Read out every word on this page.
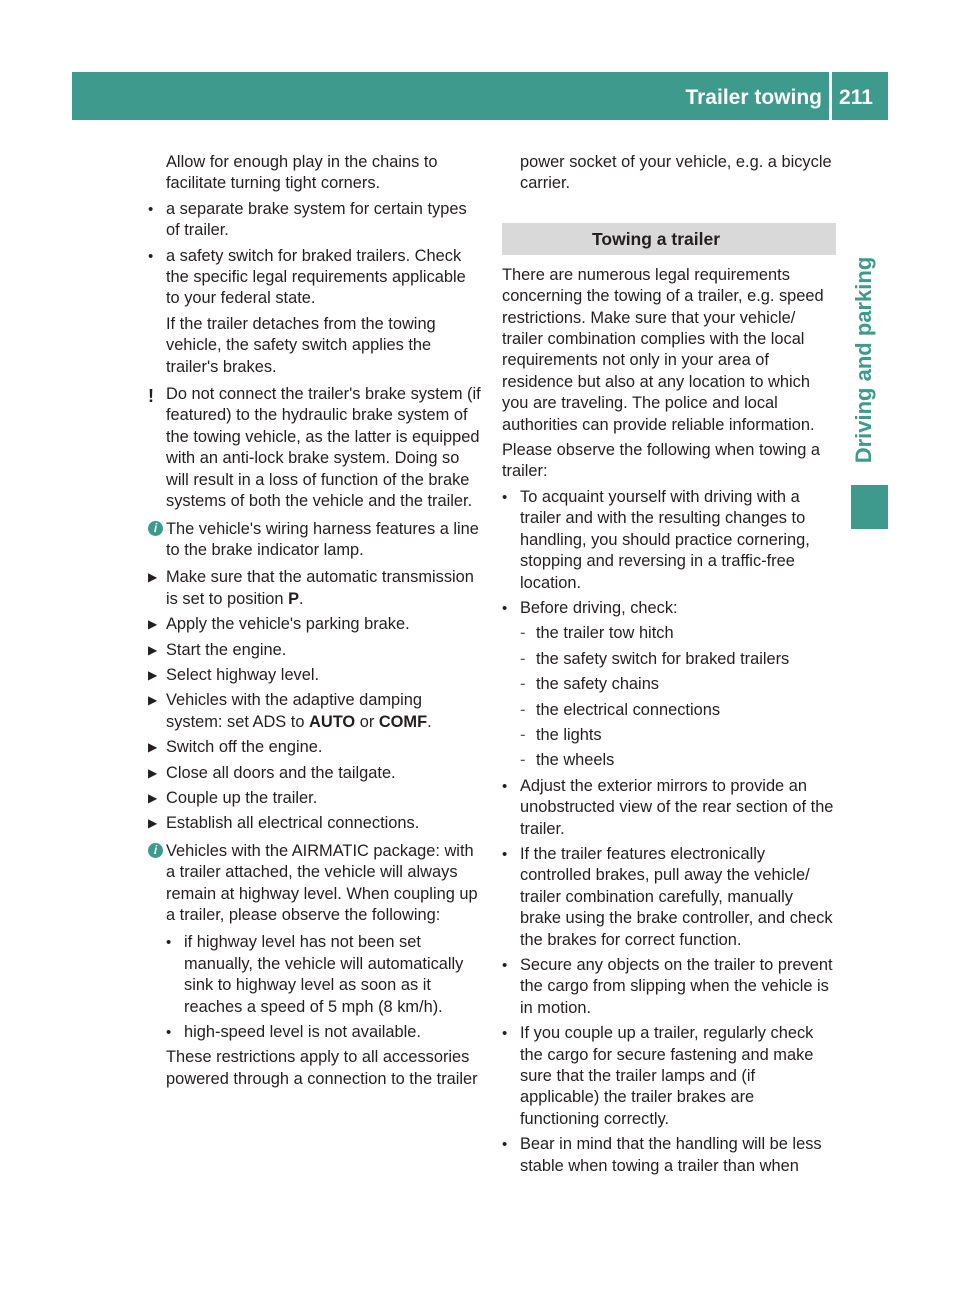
Trailer towing 211
Driving and parking

Allow for enough play in the chains to facilitate turning tight corners.

• a separate brake system for certain types of trailer.
• a safety switch for braked trailers. Check the specific legal requirements applicable to your federal state.

If the trailer detaches from the towing vehicle, the safety switch applies the trailer's brakes.

! Do not connect the trailer's brake system (if featured) to the hydraulic brake system of the towing vehicle, as the latter is equipped with an anti-lock brake system. Doing so will result in a loss of function of the brake systems of both the vehicle and the trailer.
i The vehicle's wiring harness features a line to the brake indicator lamp.
▶ Make sure that the automatic transmission is set to position P.
▶ Apply the vehicle's parking brake.
▶ Start the engine.
▶ Select highway level.
▶ Vehicles with the adaptive damping system: set ADS to AUTO or COMF.
▶ Switch off the engine.
▶ Close all doors and the tailgate.
▶ Couple up the trailer.
▶ Establish all electrical connections.
i Vehicles with the AIRMATIC package: with a trailer attached, the vehicle will always remain at highway level. When coupling up a trailer, please observe the following:
• if highway level has not been set manually, the vehicle will automatically sink to highway level as soon as it reaches a speed of 5 mph (8 km/h).
• high-speed level is not available.

These restrictions apply to all accessories powered through a connection to the trailer

power socket of your vehicle, e.g. a bicycle carrier.

Towing a trailer

There are numerous legal requirements concerning the towing of a trailer, e.g. speed restrictions. Make sure that your vehicle/ trailer combination complies with the local requirements not only in your area of residence but also at any location to which you are traveling. The police and local authorities can provide reliable information.

Please observe the following when towing a trailer:

• To acquaint yourself with driving with a trailer and with the resulting changes to handling, you should practice cornering, stopping and reversing in a traffic-free location.
• Before driving, check:
- the trailer tow hitch
- the safety switch for braked trailers
- the safety chains
- the electrical connections
- the lights
- the wheels
• Adjust the exterior mirrors to provide an unobstructed view of the rear section of the trailer.
• If the trailer features electronically controlled brakes, pull away the vehicle/ trailer combination carefully, manually brake using the brake controller, and check the brakes for correct function.
• Secure any objects on the trailer to prevent the cargo from slipping when the vehicle is in motion.
• If you couple up a trailer, regularly check the cargo for secure fastening and make sure that the trailer lamps and (if applicable) the trailer brakes are functioning correctly.
• Bear in mind that the handling will be less stable when towing a trailer than when
